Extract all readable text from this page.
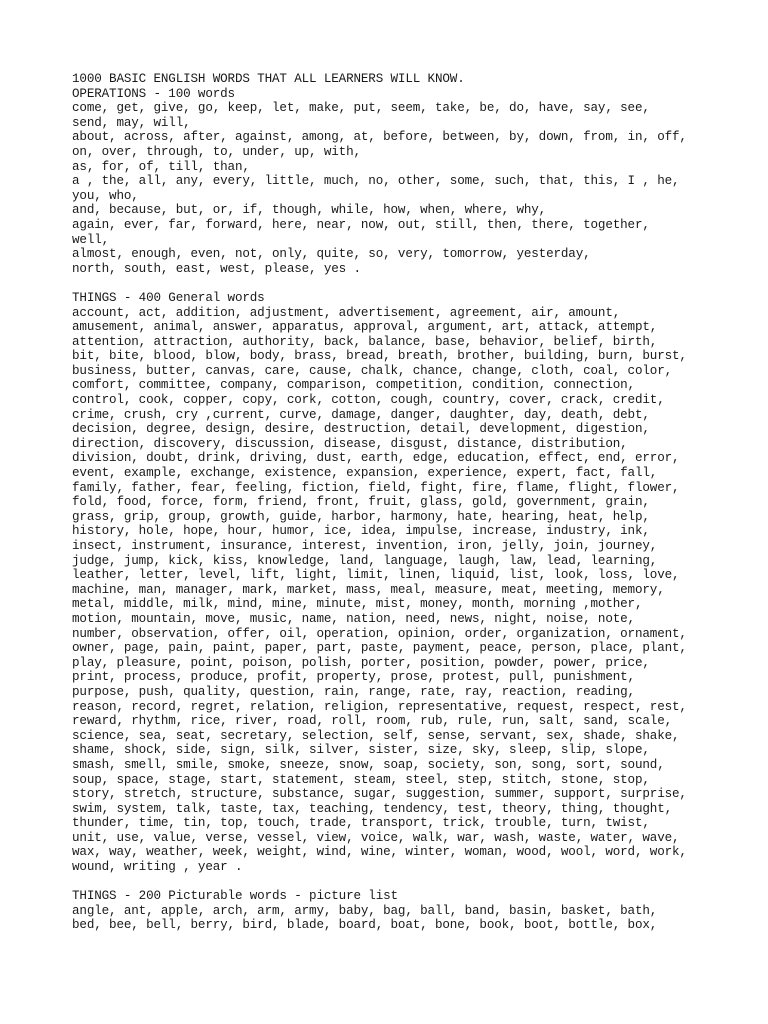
1000 BASIC ENGLISH WORDS THAT ALL LEARNERS WILL KNOW.

OPERATIONS - 100 words

come, get, give, go, keep, let, make, put, seem, take, be, do, have, say, see,

send, may, will,

about, across, after, against, among, at, before, between, by, down, from, in, off,

on, over, through, to, under, up, with,

as, for, of, till, than,

a , the, all, any, every, little, much, no, other, some, such, that, this, I , he,

you, who,

and, because, but, or, if, though, while, how, when, where, why,

again, ever, far, forward, here, near, now, out, still, then, there, together,

well,

almost, enough, even, not, only, quite, so, very, tomorrow, yesterday,

north, south, east, west, please, yes .

THINGS - 400 General words

account, act, addition, adjustment, advertisement, agreement, air, amount,

amusement, animal, answer, apparatus, approval, argument, art, attack, attempt,

attention, attraction, authority, back, balance, base, behavior, belief, birth,

bit, bite, blood, blow, body, brass, bread, breath, brother, building, burn, burst,

business, butter, canvas, care, cause, chalk, chance, change, cloth, coal, color,

comfort, committee, company, comparison, competition, condition, connection,

control, cook, copper, copy, cork, cotton, cough, country, cover, crack, credit,

crime, crush, cry ,current, curve, damage, danger, daughter, day, death, debt,

decision, degree, design, desire, destruction, detail, development, digestion,

direction, discovery, discussion, disease, disgust, distance, distribution,

division, doubt, drink, driving, dust, earth, edge, education, effect, end, error,

event, example, exchange, existence, expansion, experience, expert, fact, fall,

family, father, fear, feeling, fiction, field, fight, fire, flame, flight, flower,

fold, food, force, form, friend, front, fruit, glass, gold, government, grain,

grass, grip, group, growth, guide, harbor, harmony, hate, hearing, heat, help,

history, hole, hope, hour, humor, ice, idea, impulse, increase, industry, ink,

insect, instrument, insurance, interest, invention, iron, jelly, join, journey,

judge, jump, kick, kiss, knowledge, land, language, laugh, law, lead, learning,

leather, letter, level, lift, light, limit, linen, liquid, list, look, loss, love,

machine, man, manager, mark, market, mass, meal, measure, meat, meeting, memory,

metal, middle, milk, mind, mine, minute, mist, money, month, morning ,mother,

motion, mountain, move, music, name, nation, need, news, night, noise, note,

number, observation, offer, oil, operation, opinion, order, organization, ornament,

owner, page, pain, paint, paper, part, paste, payment, peace, person, place, plant,

play, pleasure, point, poison, polish, porter, position, powder, power, price,

print, process, produce, profit, property, prose, protest, pull, punishment,

purpose, push, quality, question, rain, range, rate, ray, reaction, reading,

reason, record, regret, relation, religion, representative, request, respect, rest,

reward, rhythm, rice, river, road, roll, room, rub, rule, run, salt, sand, scale,

science, sea, seat, secretary, selection, self, sense, servant, sex, shade, shake,

shame, shock, side, sign, silk, silver, sister, size, sky, sleep, slip, slope,

smash, smell, smile, smoke, sneeze, snow, soap, society, son, song, sort, sound,

soup, space, stage, start, statement, steam, steel, step, stitch, stone, stop,

story, stretch, structure, substance, sugar, suggestion, summer, support, surprise,

swim, system, talk, taste, tax, teaching, tendency, test, theory, thing, thought,

thunder, time, tin, top, touch, trade, transport, trick, trouble, turn, twist,

unit, use, value, verse, vessel, view, voice, walk, war, wash, waste, water, wave,

wax, way, weather, week, weight, wind, wine, winter, woman, wood, wool, word, work,

wound, writing , year .

THINGS - 200 Picturable words - picture list

angle, ant, apple, arch, arm, army, baby, bag, ball, band, basin, basket, bath,

bed, bee, bell, berry, bird, blade, board, boat, bone, book, boot, bottle, box,
